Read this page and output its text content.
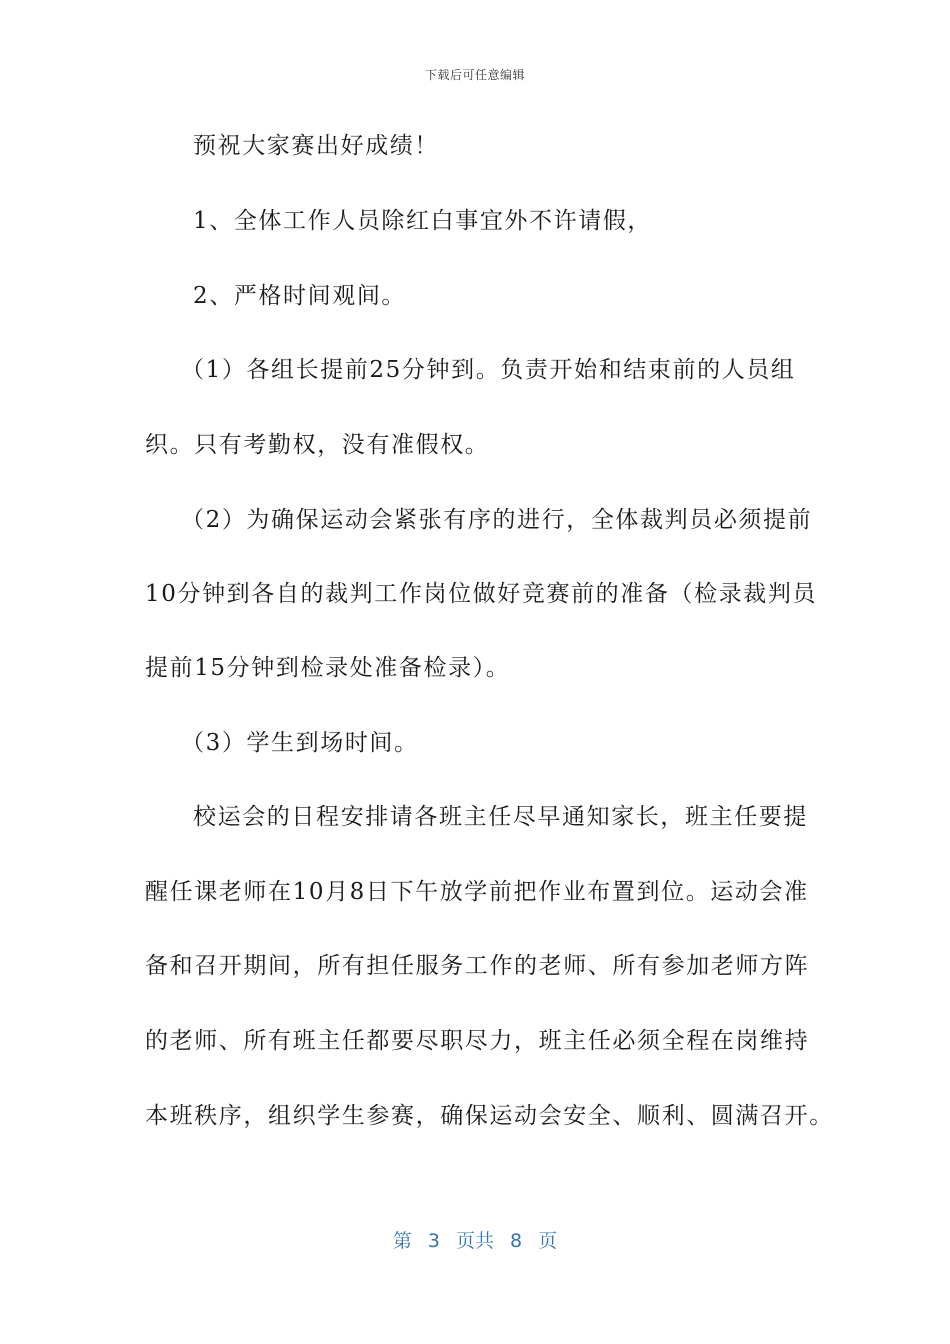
下载后可任意编辑
预祝大家赛出好成绩！
1、全体工作人员除红白事宜外不许请假，
2、严格时间观间。
（1）各组长提前25分钟到。负责开始和结束前的人员组
织。只有考勤权，没有准假权。
（2）为确保运动会紧张有序的进行，全体裁判员必须提前
10分钟到各自的裁判工作岗位做好竞赛前的准备（检录裁判员
提前15分钟到检录处准备检录）。
（3）学生到场时间。
校运会的日程安排请各班主任尽早通知家长，班主任要提
醒任课老师在10月8日下午放学前把作业布置到位。运动会准
备和召开期间，所有担任服务工作的老师、所有参加老师方阵
的老师、所有班主任都要尽职尽力，班主任必须全程在岗维持
本班秩序，组织学生参赛，确保运动会安全、顺利、圆满召开。
第 3 页共 8 页
